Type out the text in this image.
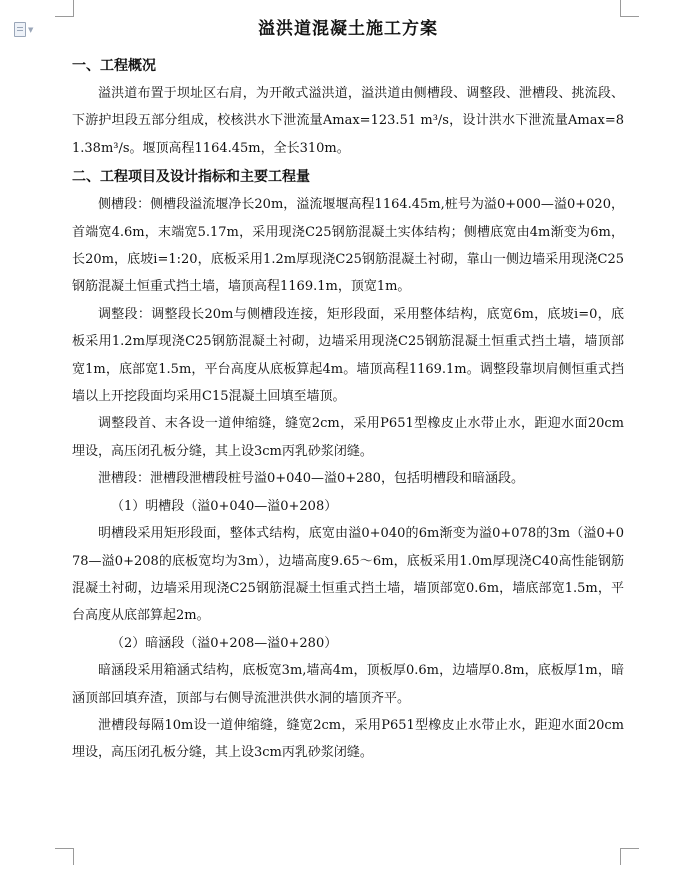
▼	溢洪道混凝土施工方案
一、工程概况

溢洪道布置于坝址区右肩，为开敞式溢洪道，溢洪道由侧槽段、调整段、泄槽段、挑流段、下游护坦段五部分组成，校核洪水下泄流量Amax=123.51 m³/s，设计洪水下泄流量Amax=81.38m³/s。堰顶高程1164.45m，全长310m。

二、工程项目及设计指标和主要工程量

侧槽段：侧槽段溢流堰净长20m，溢流堰堰高程1164.45m,桩号为溢0+000—溢0+020，首端宽4.6m，末端宽5.17m，采用现浇C25钢筋混凝土实体结构；侧槽底宽由4m渐变为6m，长20m，底坡i=1:20，底板采用1.2m厚现浇C25钢筋混凝土衬砌，靠山一侧边墙采用现浇C25钢筋混凝土恒重式挡土墙，墙顶高程1169.1m，顶宽1m。

调整段：调整段长20m与侧槽段连接，矩形段面，采用整体结构，底宽6m，底坡i=0，底板采用1.2m厚现浇C25钢筋混凝土衬砌，边墙采用现浇C25钢筋混凝土恒重式挡土墙，墙顶部宽1m，底部宽1.5m，平台高度从底板算起4m。墙顶高程1169.1m。调整段靠坝肩侧恒重式挡墙以上开挖段面均采用C15混凝土回填至墙顶。

调整段首、末各设一道伸缩缝，缝宽2cm，采用P651型橡皮止水带止水，距迎水面20cm埋设，高压闭孔板分缝，其上设3cm丙乳砂浆闭缝。

泄槽段：泄槽段泄槽段桩号溢0+040—溢0+280，包括明槽段和暗涵段。

（1）明槽段（溢0+040—溢0+208）

明槽段采用矩形段面，整体式结构，底宽由溢0+040的6m渐变为溢0+078的3m（溢0+078—溢0+208的底板宽均为3m），边墙高度9.65～6m，底板采用1.0m厚现浇C40高性能钢筋混凝土衬砌，边墙采用现浇C25钢筋混凝土恒重式挡土墙，墙顶部宽0.6m，墙底部宽1.5m，平台高度从底部算起2m。

（2）暗涵段（溢0+208—溢0+280）

暗涵段采用箱涵式结构，底板宽3m,墙高4m，顶板厚0.6m，边墙厚0.8m，底板厚1m，暗涵顶部回填弃渣，顶部与右侧导流泄洪供水洞的墙顶齐平。

泄槽段每隔10m设一道伸缩缝，缝宽2cm，采用P651型橡皮止水带止水，距迎水面20cm埋设，高压闭孔板分缝，其上设3cm丙乳砂浆闭缝。
